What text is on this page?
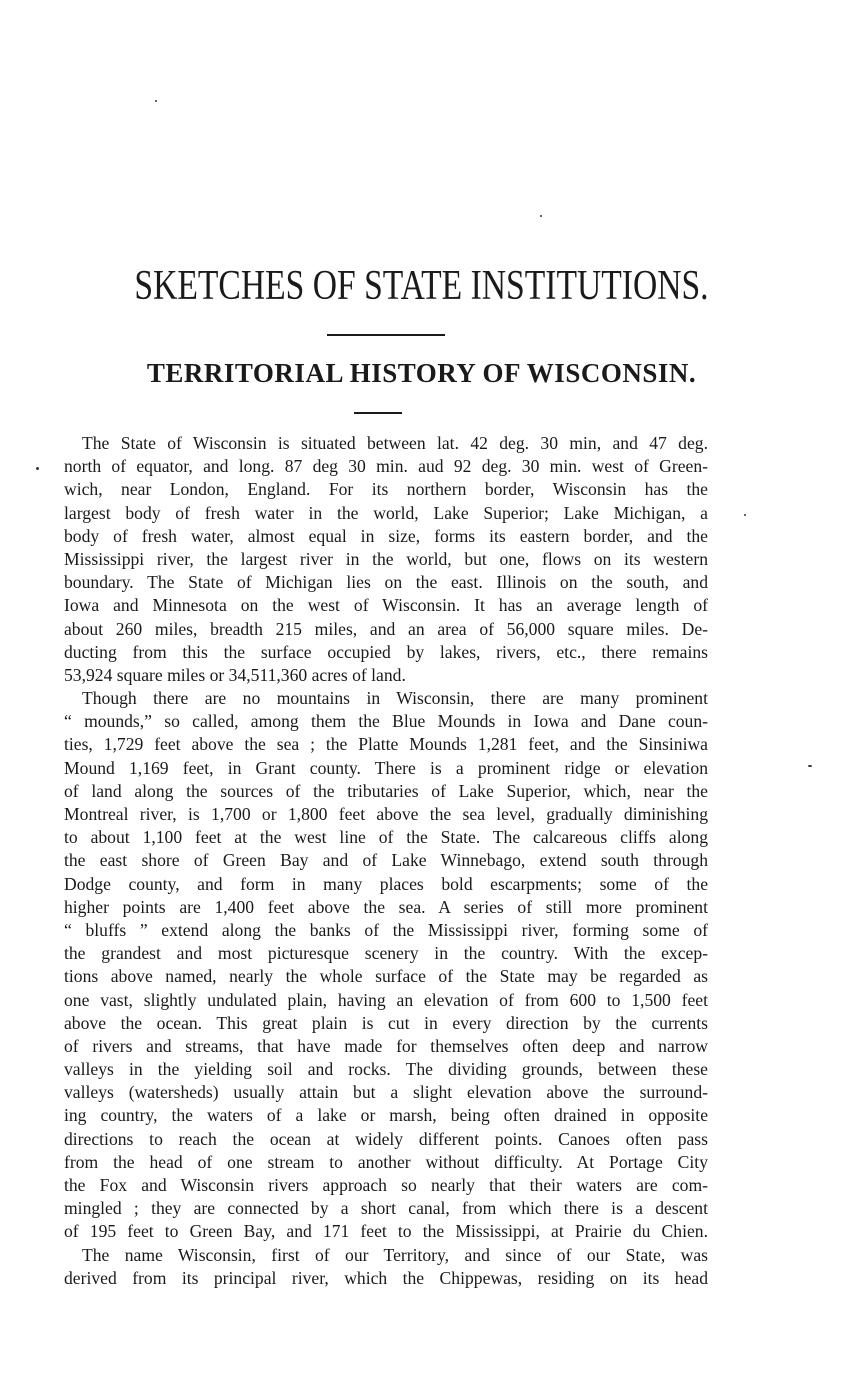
SKETCHES OF STATE INSTITUTIONS.
TERRITORIAL HISTORY OF WISCONSIN.
The State of Wisconsin is situated between lat. 42 deg. 30 min, and 47 deg.
north of equator, and long. 87 deg 30 min. aud 92 deg. 30 min. west of Green-
wich, near London, England. For its northern border, Wisconsin has the
largest body of fresh water in the world, Lake Superior; Lake Michigan, a
body of fresh water, almost equal in size, forms its eastern border, and the
Mississippi river, the largest river in the world, but one, flows on its western
boundary. The State of Michigan lies on the east. Illinois on the south, and
Iowa and Minnesota on the west of Wisconsin. It has an average length of
about 260 miles, breadth 215 miles, and an area of 56,000 square miles. De-
ducting from this the surface occupied by lakes, rivers, etc., there remains
53,924 square miles or 34,511,360 acres of land.
Though there are no mountains in Wisconsin, there are many prominent
“ mounds,” so called, among them the Blue Mounds in Iowa and Dane coun-
ties, 1,729 feet above the sea ; the Platte Mounds 1,281 feet, and the Sinsiniwa
Mound 1,169 feet, in Grant county. There is a prominent ridge or elevation
of land along the sources of the tributaries of Lake Superior, which, near the
Montreal river, is 1,700 or 1,800 feet above the sea level, gradually diminishing
to about 1,100 feet at the west line of the State. The calcareous cliffs along
the east shore of Green Bay and of Lake Winnebago, extend south through
Dodge county, and form in many places bold escarpments; some of the
higher points are 1,400 feet above the sea. A series of still more prominent
“ bluffs ” extend along the banks of the Mississippi river, forming some of
the grandest and most picturesque scenery in the country. With the excep-
tions above named, nearly the whole surface of the State may be regarded as
one vast, slightly undulated plain, having an elevation of from 600 to 1,500 feet
above the ocean. This great plain is cut in every direction by the currents
of rivers and streams, that have made for themselves often deep and narrow
valleys in the yielding soil and rocks. The dividing grounds, between these
valleys (watersheds) usually attain but a slight elevation above the surround-
ing country, the waters of a lake or marsh, being often drained in opposite
directions to reach the ocean at widely different points. Canoes often pass
from the head of one stream to another without difficulty. At Portage City
the Fox and Wisconsin rivers approach so nearly that their waters are com-
mingled ; they are connected by a short canal, from which there is a descent
of 195 feet to Green Bay, and 171 feet to the Mississippi, at Prairie du Chien.
The name Wisconsin, first of our Territory, and since of our State, was
derived from its principal river, which the Chippewas, residing on its head
